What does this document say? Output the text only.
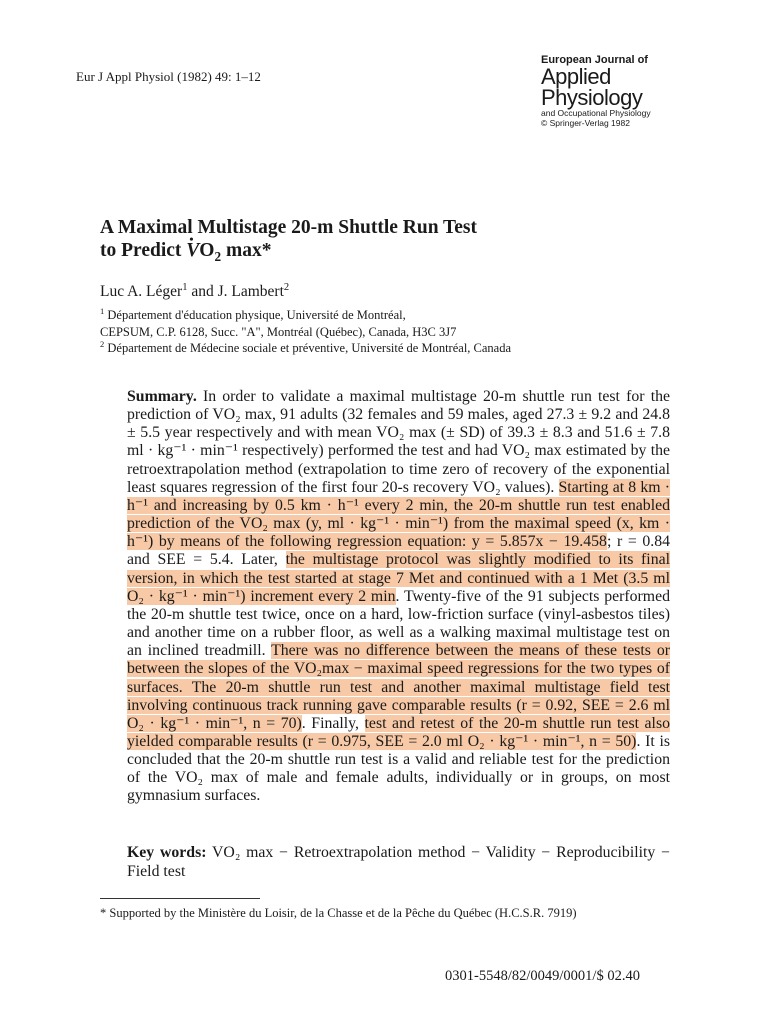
Eur J Appl Physiol (1982) 49: 1–12
European Journal of
Applied
Physiology
and Occupational Physiology
© Springer-Verlag 1982
A Maximal Multistage 20-m Shuttle Run Test
to Predict • $VO_2$ max*
Luc A. Léger$^1$ and J. Lambert$^2$
$^1$ Département d'éducation physique, Université de Montréal,
CEPSUM, C.P. 6128, Succ. "A", Montréal (Québec), Canada, H3C 3J7
$^2$ Département de Médecine sociale et préventive, Université de Montréal, Canada

Summary. In order to validate a maximal multistage 20-m shuttle run test for the prediction of VO₂ max, 91 adults (32 females and 59 males, aged 27.3 ± 9.2 and 24.8 ± 5.5 year respectively and with mean VO₂ max (± SD) of 39.3 ± 8.3 and 51.6 ± 7.8 ml · kg⁻¹ · min⁻¹ respectively) performed the test and had VO₂ max estimated by the retroextrapolation method (extrapolation to time zero of recovery of the exponential least squares regression of the first four 20-s recovery VO₂ values). Starting at 8 km · h⁻¹ and increasing by 0.5 km · h⁻¹ every 2 min, the 20-m shuttle run test enabled prediction of the VO₂ max (y, ml · kg⁻¹ · min⁻¹) from the maximal speed (x, km · h⁻¹) by means of the following regression equation: y = 5.857x − 19.458; r = 0.84 and SEE = 5.4. Later, the multistage protocol was slightly modified to its final version, in which the test started at stage 7 Met and continued with a 1 Met (3.5 ml O₂ · kg⁻¹ · min⁻¹) increment every 2 min. Twenty-five of the 91 subjects performed the 20-m shuttle test twice, once on a hard, low-friction surface (vinyl-asbestos tiles) and another time on a rubber floor, as well as a walking maximal multistage test on an inclined treadmill. There was no difference between the means of these tests or between the slopes of the VO₂max − maximal speed regressions for the two types of surfaces. The 20-m shuttle run test and another maximal multistage field test involving continuous track running gave comparable results (r = 0.92, SEE = 2.6 ml O₂ · kg⁻¹ · min⁻¹, n = 70). Finally, test and retest of the 20-m shuttle run test also yielded comparable results (r = 0.975, SEE = 2.0 ml O₂ · kg⁻¹ · min⁻¹, n = 50). It is concluded that the 20-m shuttle run test is a valid and reliable test for the prediction of the VO₂ max of male and female adults, individually or in groups, on most gymnasium surfaces.

Key words: VO₂ max − Retroextrapolation method − Validity − Reproducibility − Field test
* Supported by the Ministère du Loisir, de la Chasse et de la Pêche du Québec (H.C.S.R. 7919)
0301-5548/82/0049/0001/$ 02.40
